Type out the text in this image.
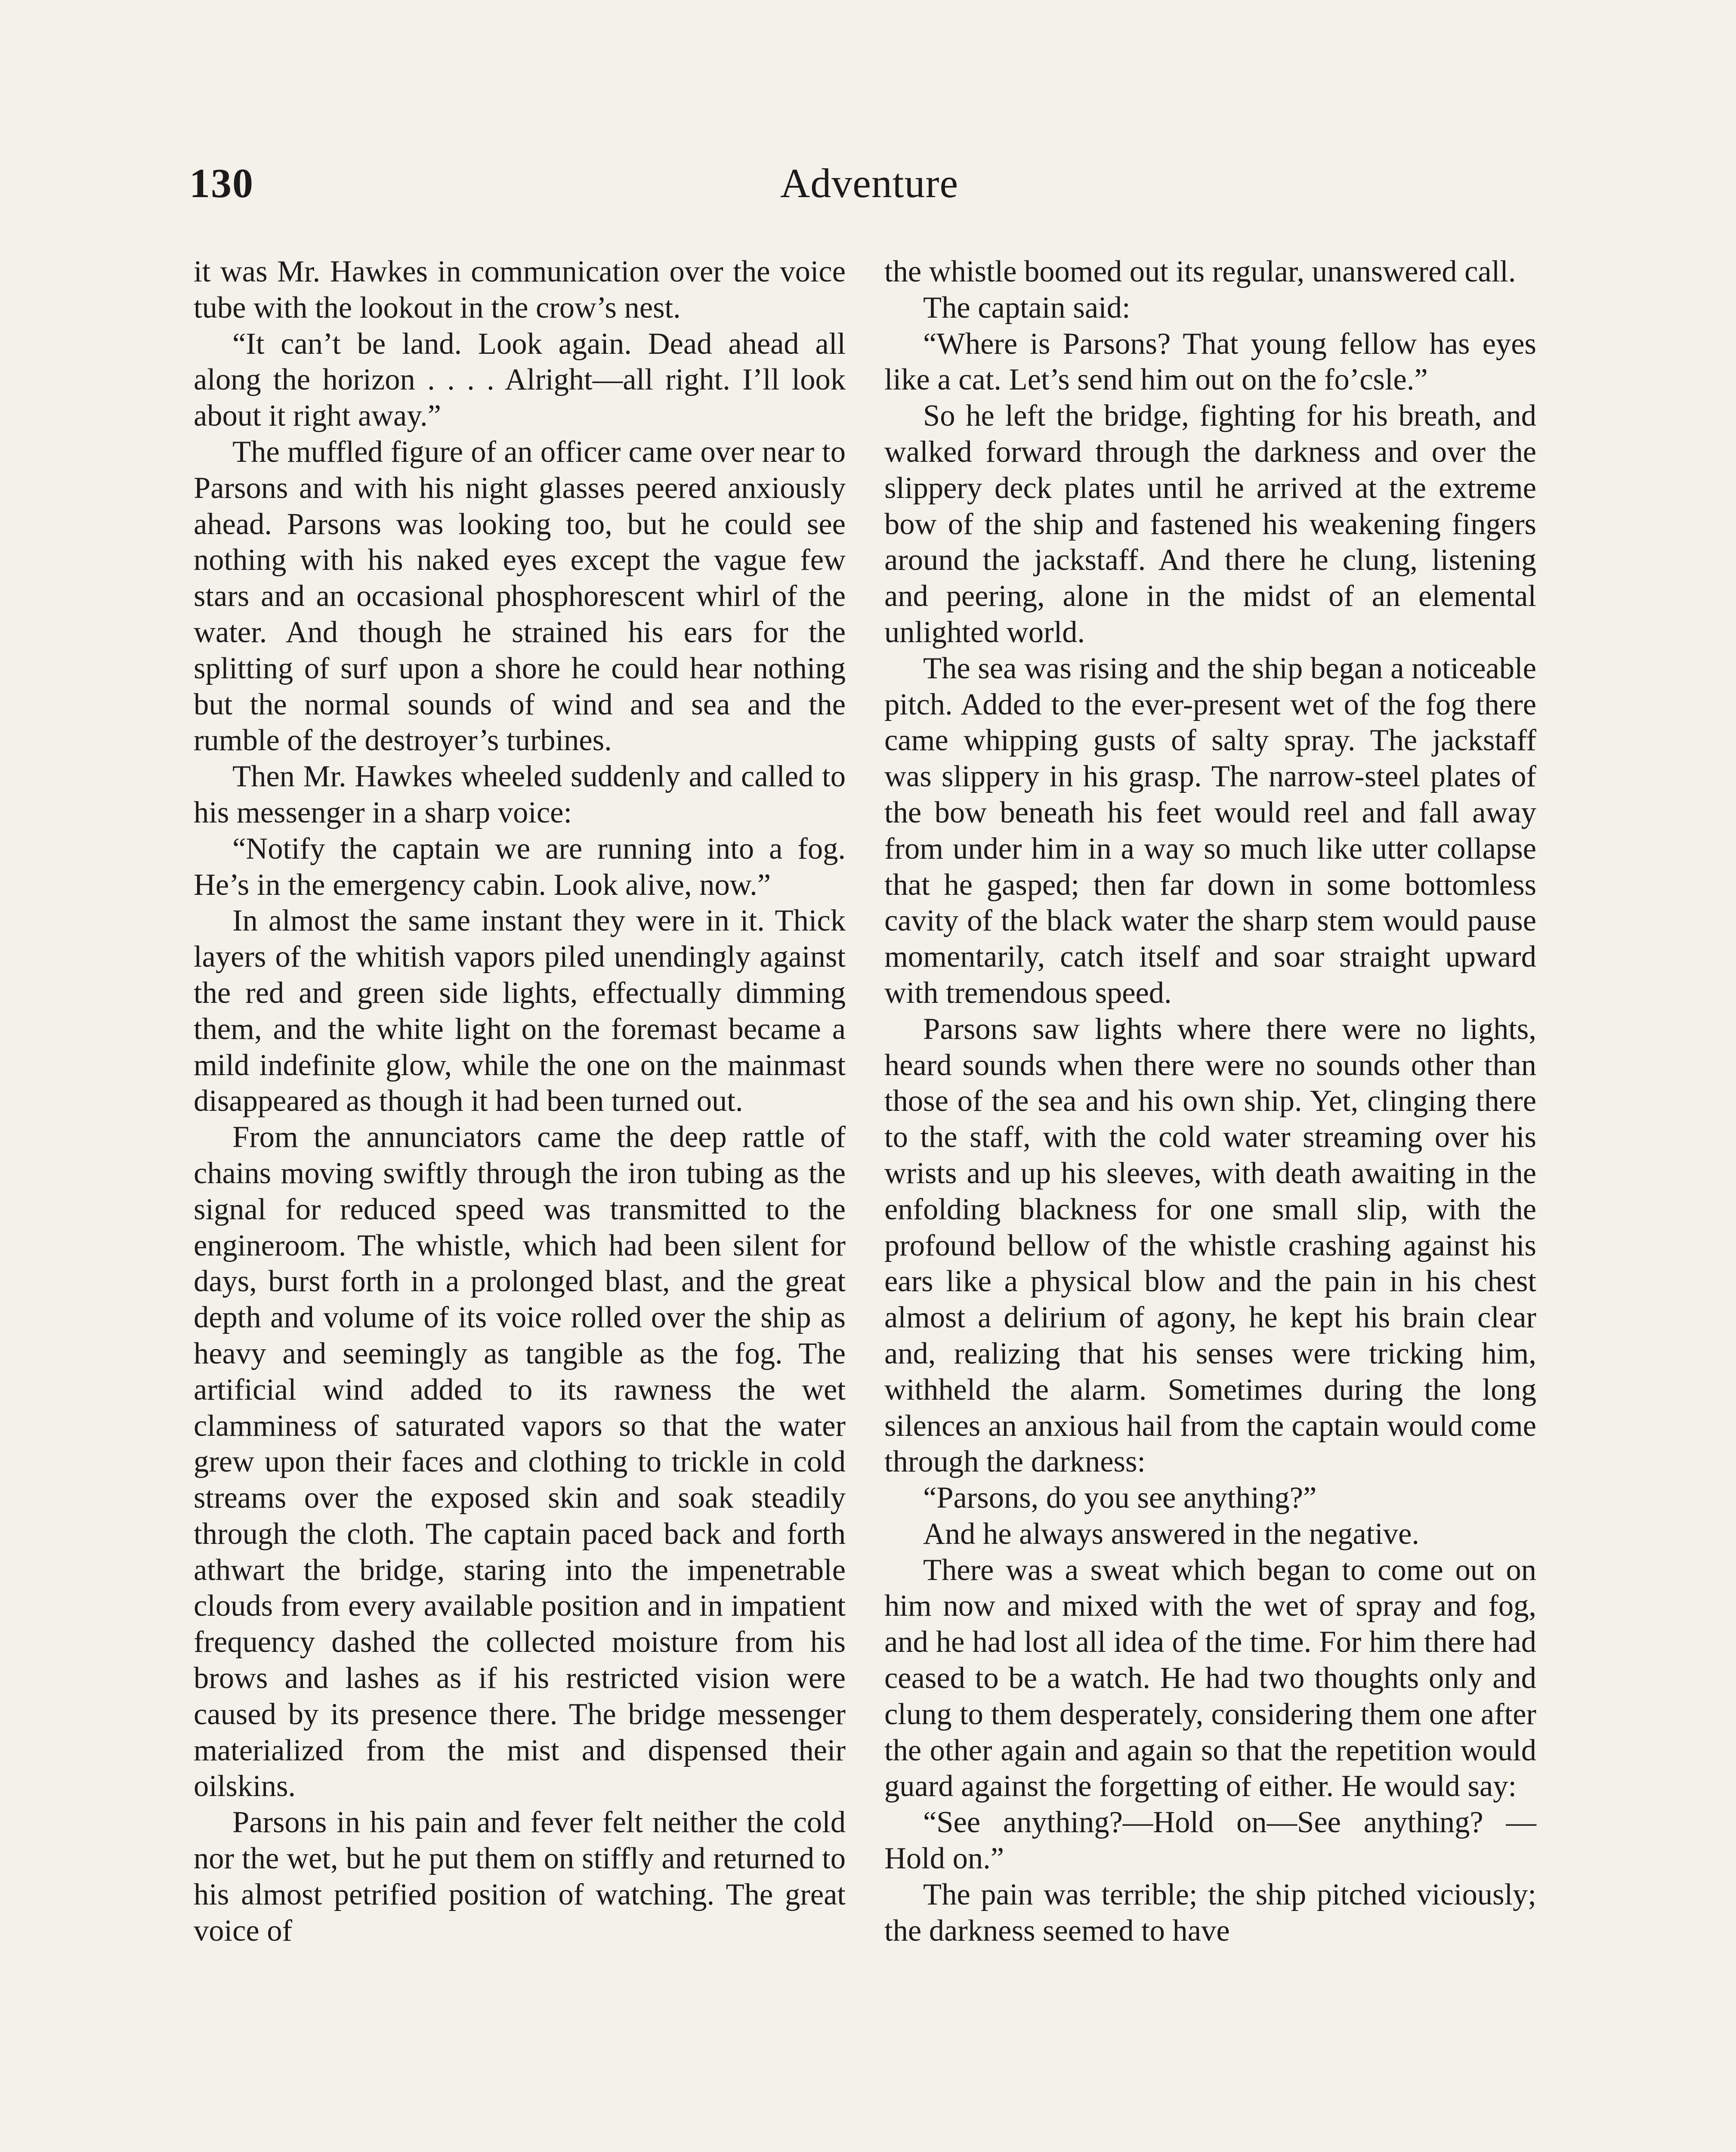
130	Adventure

it was Mr. Hawkes in communication over the voice tube with the lookout in the crow’s nest.

“It can’t be land. Look again. Dead ahead all along the horizon . . . . Alright—all right. I’ll look about it right away.”

The muffled figure of an officer came over near to Parsons and with his night glasses peered anxiously ahead. Parsons was looking too, but he could see nothing with his naked eyes except the vague few stars and an occasional phosphorescent whirl of the water. And though he strained his ears for the splitting of surf upon a shore he could hear nothing but the normal sounds of wind and sea and the rumble of the destroyer’s turbines.

Then Mr. Hawkes wheeled suddenly and called to his messenger in a sharp voice:

“Notify the captain we are running into a fog. He’s in the emergency cabin. Look alive, now.”

In almost the same instant they were in it. Thick layers of the whitish vapors piled unendingly against the red and green side lights, effectually dimming them, and the white light on the foremast became a mild indefinite glow, while the one on the mainmast disappeared as though it had been turned out.

From the annunciators came the deep rattle of chains moving swiftly through the iron tubing as the signal for reduced speed was transmitted to the engineroom. The whistle, which had been silent for days, burst forth in a prolonged blast, and the great depth and volume of its voice rolled over the ship as heavy and seemingly as tangible as the fog. The artificial wind added to its rawness the wet clamminess of saturated vapors so that the water grew upon their faces and clothing to trickle in cold streams over the exposed skin and soak steadily through the cloth. The captain paced back and forth athwart the bridge, staring into the impenetrable clouds from every available position and in impatient frequency dashed the collected moisture from his brows and lashes as if his restricted vision were caused by its presence there. The bridge messenger materialized from the mist and dispensed their oilskins.

Parsons in his pain and fever felt neither the cold nor the wet, but he put them on stiffly and returned to his almost petrified position of watching. The great voice of

the whistle boomed out its regular, unanswered call.

The captain said:

“Where is Parsons? That young fellow has eyes like a cat. Let’s send him out on the fo’csle.”

So he left the bridge, fighting for his breath, and walked forward through the darkness and over the slippery deck plates until he arrived at the extreme bow of the ship and fastened his weakening fingers around the jackstaff. And there he clung, listening and peering, alone in the midst of an elemental unlighted world.

The sea was rising and the ship began a noticeable pitch. Added to the ever-present wet of the fog there came whipping gusts of salty spray. The jackstaff was slippery in his grasp. The narrow-steel plates of the bow beneath his feet would reel and fall away from under him in a way so much like utter collapse that he gasped; then far down in some bottomless cavity of the black water the sharp stem would pause momentarily, catch itself and soar straight upward with tremendous speed.

Parsons saw lights where there were no lights, heard sounds when there were no sounds other than those of the sea and his own ship. Yet, clinging there to the staff, with the cold water streaming over his wrists and up his sleeves, with death awaiting in the enfolding blackness for one small slip, with the profound bellow of the whistle crashing against his ears like a physical blow and the pain in his chest almost a delirium of agony, he kept his brain clear and, realizing that his senses were tricking him, withheld the alarm. Sometimes during the long silences an anxious hail from the captain would come through the darkness:

“Parsons, do you see anything?”

And he always answered in the negative.

There was a sweat which began to come out on him now and mixed with the wet of spray and fog, and he had lost all idea of the time. For him there had ceased to be a watch. He had two thoughts only and clung to them desperately, considering them one after the other again and again so that the repetition would guard against the forgetting of either. He would say:

“See anything?—Hold on—See anything? —Hold on.”

The pain was terrible; the ship pitched viciously; the darkness seemed to have
